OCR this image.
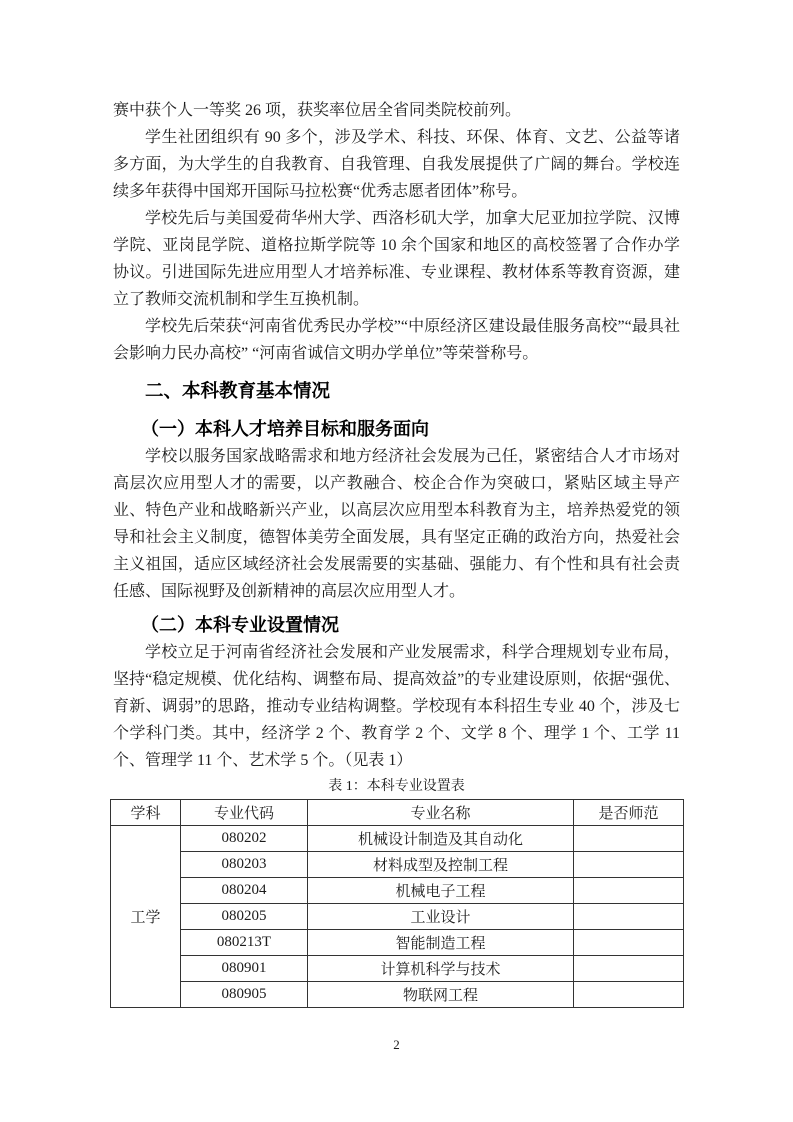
赛中获个人一等奖 26 项，获奖率位居全省同类院校前列。

学生社团组织有 90 多个，涉及学术、科技、环保、体育、文艺、公益等诸多方面，为大学生的自我教育、自我管理、自我发展提供了广阔的舞台。学校连续多年获得中国郑开国际马拉松赛“优秀志愿者团体”称号。

学校先后与美国爱荷华州大学、西洛杉矶大学，加拿大尼亚加拉学院、汉博学院、亚岗昆学院、道格拉斯学院等 10 余个国家和地区的高校签署了合作办学协议。引进国际先进应用型人才培养标准、专业课程、教材体系等教育资源，建立了教师交流机制和学生互换机制。

学校先后荣获“河南省优秀民办学校”“中原经济区建设最佳服务高校”“最具社会影响力民办高校” “河南省诚信文明办学单位”等荣誉称号。

二、本科教育基本情况
（一）本科人才培养目标和服务面向

学校以服务国家战略需求和地方经济社会发展为己任，紧密结合人才市场对高层次应用型人才的需要，以产教融合、校企合作为突破口，紧贴区域主导产业、特色产业和战略新兴产业，以高层次应用型本科教育为主，培养热爱党的领导和社会主义制度，德智体美劳全面发展，具有坚定正确的政治方向，热爱社会主义祖国，适应区域经济社会发展需要的实基础、强能力、有个性和具有社会责任感、国际视野及创新精神的高层次应用型人才。

（二）本科专业设置情况

学校立足于河南省经济社会发展和产业发展需求，科学合理规划专业布局，坚持“稳定规模、优化结构、调整布局、提高效益”的专业建设原则，依据“强优、育新、调弱”的思路，推动专业结构调整。学校现有本科招生专业 40 个，涉及七个学科门类。其中，经济学 2 个、教育学 2 个、文学 8 个、理学 1 个、工学 11 个、管理学 11 个、艺术学 5 个。（见表 1）

表 1：本科专业设置表
学科	专业代码	专业名称	是否师范
工学	080202	机械设计制造及其自动化	
	080203	材料成型及控制工程	
	080204	机械电子工程	
	080205	工业设计	
	080213T	智能制造工程	
	080901	计算机科学与技术	
	080905	物联网工程	
2
